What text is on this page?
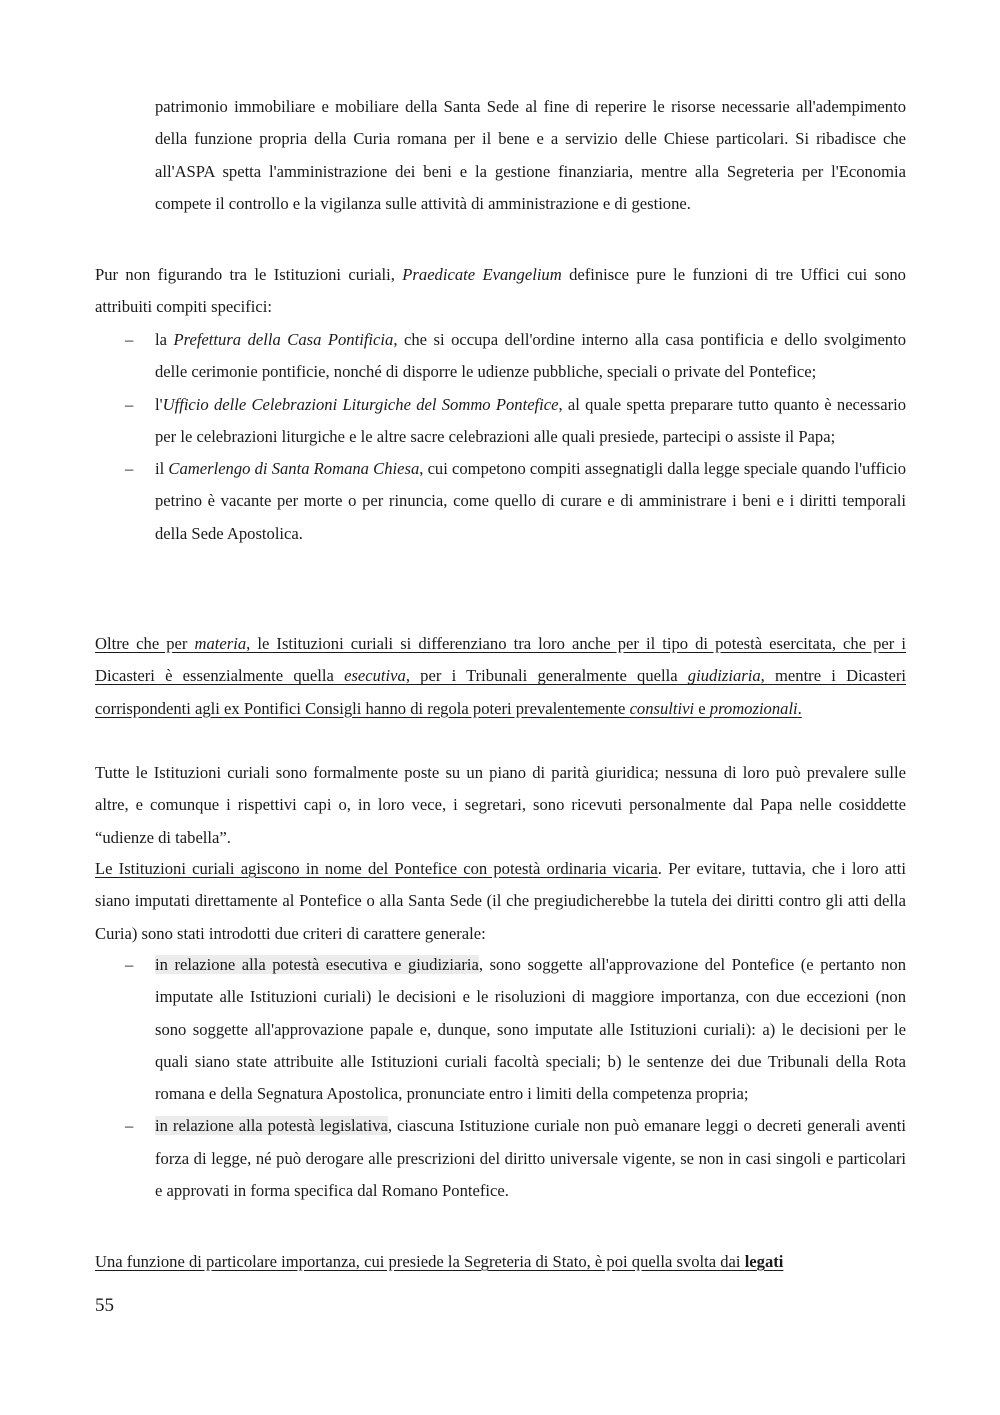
patrimonio immobiliare e mobiliare della Santa Sede al fine di reperire le risorse necessarie all'adempimento della funzione propria della Curia romana per il bene e a servizio delle Chiese particolari. Si ribadisce che all'ASPA spetta l'amministrazione dei beni e la gestione finanziaria, mentre alla Segreteria per l'Economia compete il controllo e la vigilanza sulle attività di amministrazione e di gestione.

Pur non figurando tra le Istituzioni curiali, Praedicate Evangelium definisce pure le funzioni di tre Uffici cui sono attribuiti compiti specifici:

– la Prefettura della Casa Pontificia, che si occupa dell'ordine interno alla casa pontificia e dello svolgimento delle cerimonie pontificie, nonché di disporre le udienze pubbliche, speciali o private del Pontefice;
– l'Ufficio delle Celebrazioni Liturgiche del Sommo Pontefice, al quale spetta preparare tutto quanto è necessario per le celebrazioni liturgiche e le altre sacre celebrazioni alle quali presiede, partecipi o assiste il Papa;
– il Camerlengo di Santa Romana Chiesa, cui competono compiti assegnatigli dalla legge speciale quando l'ufficio petrino è vacante per morte o per rinuncia, come quello di curare e di amministrare i beni e i diritti temporali della Sede Apostolica.

Oltre che per materia, le Istituzioni curiali si differenziano tra loro anche per il tipo di potestà esercitata, che per i Dicasteri è essenzialmente quella esecutiva, per i Tribunali generalmente quella giudiziaria, mentre i Dicasteri corrispondenti agli ex Pontifici Consigli hanno di regola poteri prevalentemente consultivi e promozionali.

Tutte le Istituzioni curiali sono formalmente poste su un piano di parità giuridica; nessuna di loro può prevalere sulle altre, e comunque i rispettivi capi o, in loro vece, i segretari, sono ricevuti personalmente dal Papa nelle cosiddette “udienze di tabella”.

Le Istituzioni curiali agiscono in nome del Pontefice con potestà ordinaria vicaria. Per evitare, tuttavia, che i loro atti siano imputati direttamente al Pontefice o alla Santa Sede (il che pregiudicherebbe la tutela dei diritti contro gli atti della Curia) sono stati introdotti due criteri di carattere generale:

– in relazione alla potestà esecutiva e giudiziaria, sono soggette all'approvazione del Pontefice (e pertanto non imputate alle Istituzioni curiali) le decisioni e le risoluzioni di maggiore importanza, con due eccezioni (non sono soggette all'approvazione papale e, dunque, sono imputate alle Istituzioni curiali): a) le decisioni per le quali siano state attribuite alle Istituzioni curiali facoltà speciali; b) le sentenze dei due Tribunali della Rota romana e della Segnatura Apostolica, pronunciate entro i limiti della competenza propria;
– in relazione alla potestà legislativa, ciascuna Istituzione curiale non può emanare leggi o decreti generali aventi forza di legge, né può derogare alle prescrizioni del diritto universale vigente, se non in casi singoli e particolari e approvati in forma specifica dal Romano Pontefice.

Una funzione di particolare importanza, cui presiede la Segreteria di Stato, è poi quella svolta dai legati

55
